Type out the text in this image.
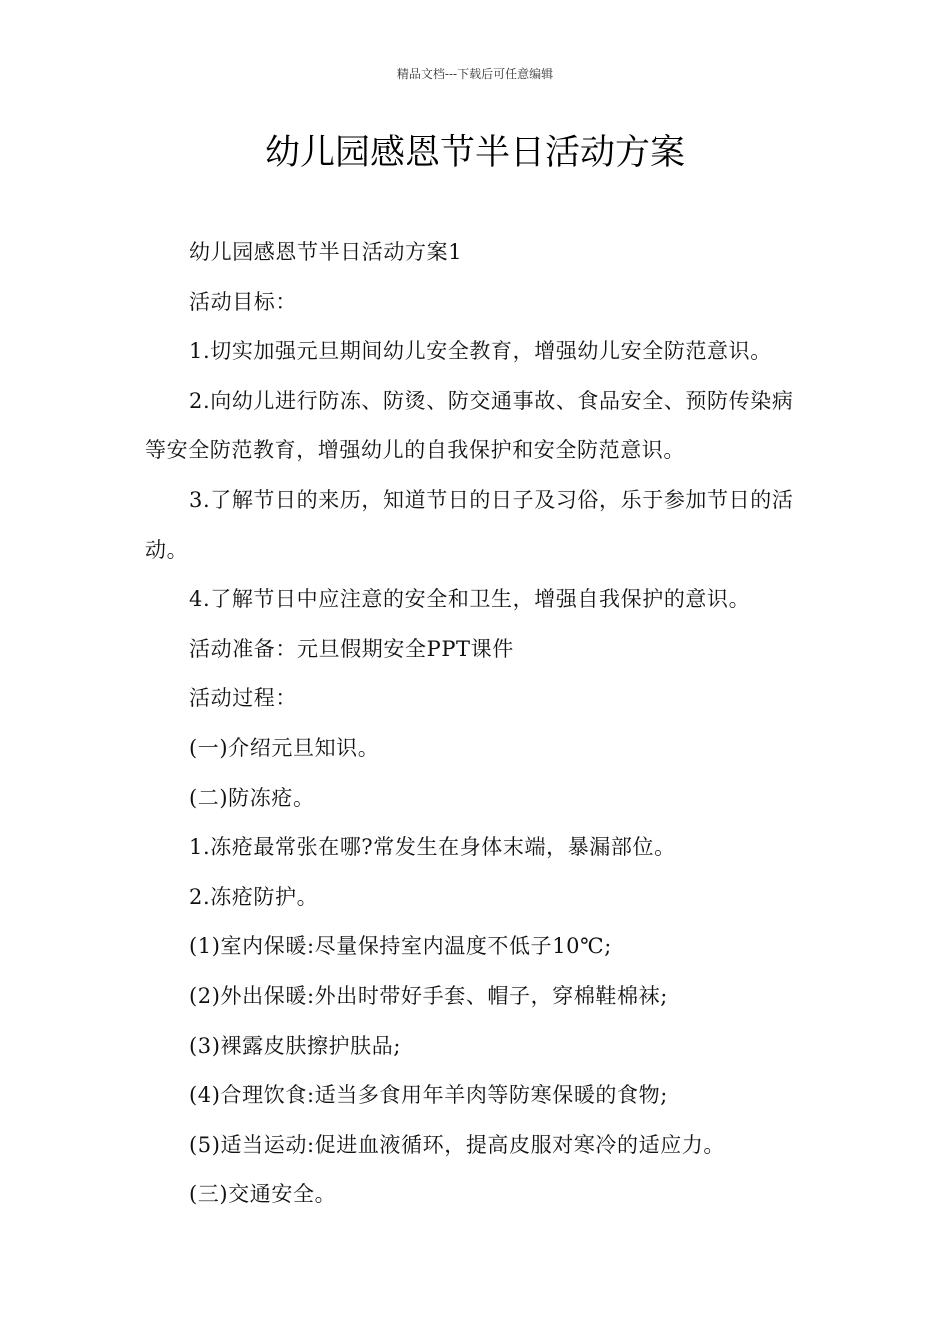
精品文档---下载后可任意编辑
幼儿园感恩节半日活动方案

幼儿园感恩节半日活动方案1

活动目标：

1.切实加强元旦期间幼儿安全教育，增强幼儿安全防范意识。

2.向幼儿进行防冻、防烫、防交通事故、食品安全、预防传染病等安全防范教育，增强幼儿的自我保护和安全防范意识。

3.了解节日的来历，知道节日的日子及习俗，乐于参加节日的活动。

4.了解节日中应注意的安全和卫生，增强自我保护的意识。

活动准备：元旦假期安全PPT课件

活动过程：

(一)介绍元旦知识。

(二)防冻疮。

1.冻疮最常张在哪?常发生在身体末端，暴漏部位。

2.冻疮防护。

(1)室内保暖:尽量保持室内温度不低子10℃;

(2)外出保暖:外出时带好手套、帽子，穿棉鞋棉袜;

(3)裸露皮肤擦护肤品;

(4)合理饮食:适当多食用年羊肉等防寒保暖的食物;

(5)适当运动:促进血液循环，提高皮服对寒冷的适应力。

(三)交通安全。
